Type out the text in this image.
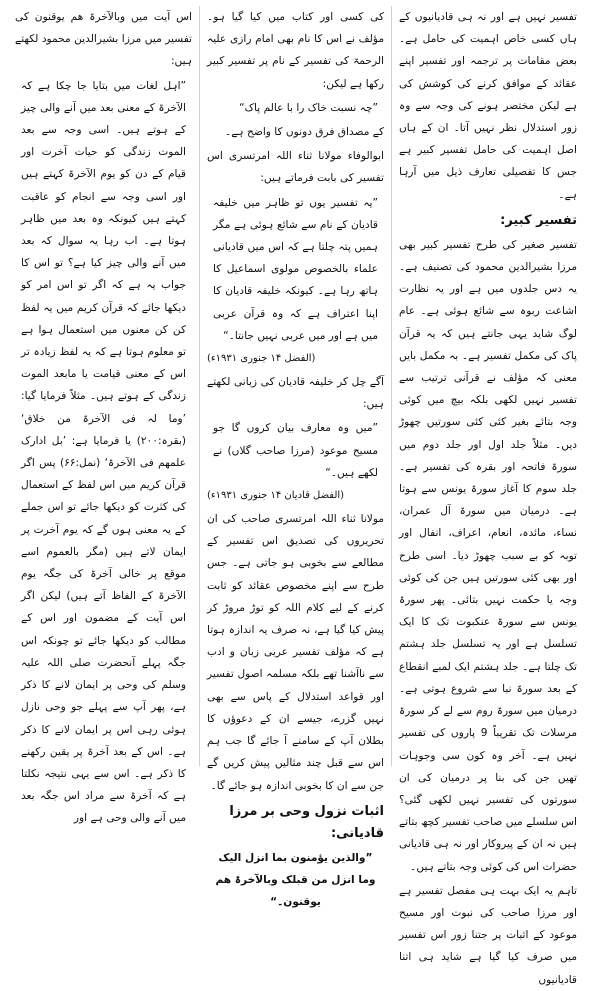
تفسیر نہیں ہے اور نہ ہی قادیانیوں کے ہاں کسی خاص اہمیت کی حامل ہے۔ بعض مقامات پر ترجمہ اور تفسیر اپنے عقائد کے موافق کرنے کی کوشش کی ہے لیکن مختصر ہونے کی وجہ سے وہ زور استدلال نظر نہیں آتا۔ ان کے ہاں اصل اہمیت کی حامل تفسیر کبیر ہے جس کا تفصیلی تعارف ذیل میں آرہا ہے۔

تفسیر کبیر:

تفسیر صغیر کی طرح تفسیر کبیر بھی مرزا بشیرالدین محمود کی تصنیف ہے۔ یہ دس جلدوں میں ہے اور یہ نظارت اشاعت ربوہ سے شائع ہوئی ہے۔ عام لوگ شاید یہی جانتے ہیں کہ یہ قرآن پاک کی مکمل تفسیر ہے۔ بہ مکمل بایں معنی کہ مؤلف نے قرآنی ترتیب سے تفسیر نہیں لکھی بلکہ بیچ میں کوئی وجہ بتائے بغیر کئی کئی سورتیں چھوڑ دیں۔ مثلاً جلد اول اور جلد دوم میں سورۃ فاتحہ اور بقرہ کی تفسیر ہے۔ جلد سوم کا آغاز سورۃ یونس سے ہوتا ہے۔ درمیان میں سورۃ آل عمران، نساء، مائدہ، انعام، اعراف، انفال اور توبہ کو بے سبب چھوڑ دیا۔ اسی طرح اور بھی کئی سورتیں ہیں جن کی کوئی وجہ یا حکمت نہیں بتائی۔ پھر سورۃ یونس سے سورۃ عنکبوت تک کا ایک تسلسل ہے اور یہ تسلسل جلد ہشتم تک چلتا ہے۔ جلد ہشتم ایک لمبے انقطاع کے بعد سورۃ نبا سے شروع ہوتی ہے۔ درمیان میں سورۃ روم سے لے کر سورۃ مرسلات تک تقریباً 9 پاروں کی تفسیر نہیں ہے۔ آخر وہ کون سی وجوہات تھیں جن کی بنا پر درمیان کی ان سورتوں کی تفسیر نہیں لکھی گئی؟ اس سلسلے میں صاحب تفسیر کچھ بتاتے ہیں نہ ان کے پیروکار اور نہ ہی قادیانی حضرات اس کی کوئی وجہ بتاتے ہیں۔

تاہم یہ ایک بہت ہی مفصل تفسیر ہے اور مرزا صاحب کی نبوت اور مسیح موعود کے اثبات پر جتنا زور اس تفسیر میں صرف کیا گیا ہے شاید ہی اتنا قادیانیوں

کی کسی اور کتاب میں کیا گیا ہو۔ مؤلف نے اس کا نام بھی امام رازی علیہ الرحمۃ کی تفسیر کے نام پر تفسیر کبیر رکھا ہے لیکن:

”چہ نسبت خاک را با عالم پاک“

کے مصداق فرق دونوں کا واضح ہے۔

ابوالوفاء مولانا ثناء اللہ امرتسری اس تفسیر کی بابت فرماتے ہیں:

”یہ تفسیر یوں تو ظاہر میں خلیفہ قادیان کے نام سے شائع ہوئی ہے مگر ہمیں پتہ چلتا ہے کہ اس میں قادیانی علماء بالخصوص مولوی اسماعیل کا ہاتھ رہا ہے۔ کیونکہ خلیفہ قادیان کا اپنا اعتراف ہے کہ وہ قرآن عربی میں ہے اور میں عربی نہیں جانتا۔“

(الفضل ۱۴ جنوری ۱۹۳۱ء)

آگے چل کر خلیفہ قادیان کی زبانی لکھتے ہیں:

”میں وہ معارف بیان کروں گا جو مسیح موعود (مرزا صاحب گلاں) نے لکھے ہیں۔“

(الفضل قادیان ۱۴ جنوری ۱۹۳۱ء)

مولانا ثناء اللہ امرتسری صاحب کی ان تحریروں کی تصدیق اس تفسیر کے مطالعے سے بخوبی ہو جاتی ہے۔ جس طرح سے اپنے مخصوص عقائد کو ثابت کرنے کے لیے کلام اللہ کو توڑ مروڑ کر پیش کیا گیا ہے، نہ صرف یہ اندازہ ہوتا ہے کہ مؤلف تفسیر عربی زبان و ادب سے ناآشنا تھے بلکہ مسلمہ اصول تفسیر اور قواعد استدلال کے پاس سے بھی نہیں گزرے، جیسے ان کے دعوؤں کا بطلان آپ کے سامنے آ جائے گا جب ہم اس سے قبل چند مثالیں پیش کریں گے جن سے ان کا بخوبی اندازہ ہو جائے گا۔

اثبات نزول وحی بر مرزا قادیانی:

”والذین یؤمنون بما انزل الیک وما انزل من قبلک وبالآخرۃ ھم یوقنون۔“

اس آیت میں وبالآخرۃ ھم یوقنون کی تفسیر میں مرزا بشیرالدین محمود لکھتے ہیں:

”اہل لغات میں بتایا جا چکا ہے کہ الآخرۃ کے معنی بعد میں آنے والی چیز کے ہوتے ہیں۔ اسی وجہ سے بعد الموت زندگی کو حیات آخرت اور قیام کے دن کو یوم الآخرۃ کہتے ہیں اور اسی وجہ سے انجام کو عاقبت کہتے ہیں کیونکہ وہ بعد میں ظاہر ہوتا ہے۔ اب رہا یہ سوال کہ بعد میں آنے والی چیز کیا ہے؟ تو اس کا جواب یہ ہے کہ اگر تو اس امر کو دیکھا جائے کہ قرآن کریم میں یہ لفظ کن کن معنوں میں استعمال ہوا ہے تو معلوم ہوتا ہے کہ یہ لفظ زیادہ تر اس کے معنی قیامت یا مابعد الموت زندگی کے ہوتے ہیں۔ مثلاً فرمایا گیا: ’وما لہ فی الآخرۃ من خلاق‘ (بقرہ:۲۰۰) یا فرمایا ہے: ’بل ادارک علمھم فی الآخرۃ‘ (نمل:۶۶) پس اگر قرآن کریم میں اس لفظ کے استعمال کی کثرت کو دیکھا جائے تو اس جملے کے یہ معنی ہوں گے کہ یوم آخرت پر ایمان لاتے ہیں (مگر بالعموم اسے موقع پر خالی آخرۃ کی جگہ یوم الآخرۃ کے الفاظ آتے ہیں) لیکن اگر اس آیت کے مضمون اور اس کے مطالب کو دیکھا جائے تو چونکہ اس جگہ پہلے آنحضرت صلی اللہ علیہ وسلم کی وحی پر ایمان لانے کا ذکر ہے، پھر آپ سے پہلے جو وحی نازل ہوئی رہی اس پر ایمان لانے کا ذکر ہے۔ اس کے بعد آخرۃ پر یقین رکھنے کا ذکر ہے۔ اس سے یہی نتیجہ نکلتا ہے کہ آخرۃ سے مراد اس جگہ بعد میں آنے والی وحی ہے اور
